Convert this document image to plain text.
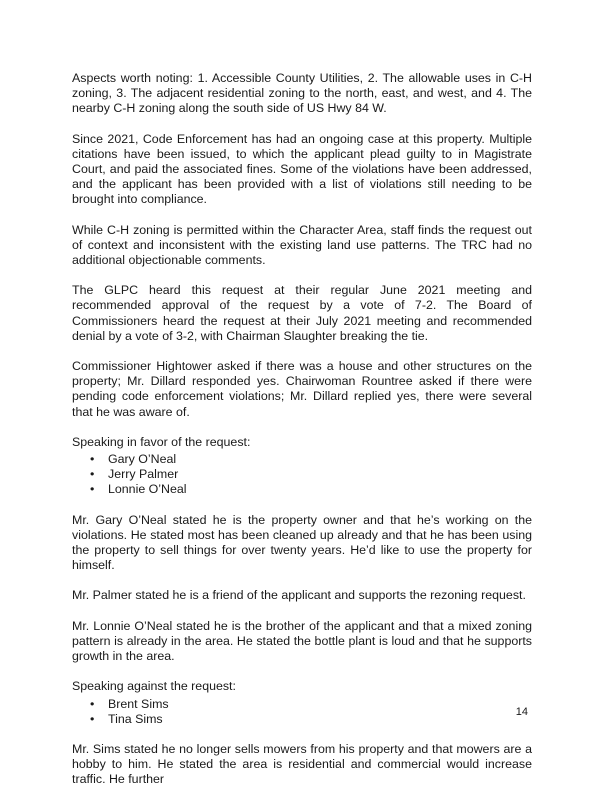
Aspects worth noting: 1. Accessible County Utilities, 2. The allowable uses in C-H zoning, 3. The adjacent residential zoning to the north, east, and west, and 4. The nearby C-H zoning along the south side of US Hwy 84 W.

Since 2021, Code Enforcement has had an ongoing case at this property. Multiple citations have been issued, to which the applicant plead guilty to in Magistrate Court, and paid the associated fines. Some of the violations have been addressed, and the applicant has been provided with a list of violations still needing to be brought into compliance.

While C-H zoning is permitted within the Character Area, staff finds the request out of context and inconsistent with the existing land use patterns. The TRC had no additional objectionable comments.

The GLPC heard this request at their regular June 2021 meeting and recommended approval of the request by a vote of 7-2. The Board of Commissioners heard the request at their July 2021 meeting and recommended denial by a vote of 3-2, with Chairman Slaughter breaking the tie.

Commissioner Hightower asked if there was a house and other structures on the property; Mr. Dillard responded yes. Chairwoman Rountree asked if there were pending code enforcement violations; Mr. Dillard replied yes, there were several that he was aware of.

Speaking in favor of the request:

• Gary O’Neal
• Jerry Palmer
• Lonnie O’Neal

Mr. Gary O’Neal stated he is the property owner and that he’s working on the violations. He stated most has been cleaned up already and that he has been using the property to sell things for over twenty years. He’d like to use the property for himself.

Mr. Palmer stated he is a friend of the applicant and supports the rezoning request.

Mr. Lonnie O’Neal stated he is the brother of the applicant and that a mixed zoning pattern is already in the area. He stated the bottle plant is loud and that he supports growth in the area.

Speaking against the request:

• Brent Sims
• Tina Sims

Mr. Sims stated he no longer sells mowers from his property and that mowers are a hobby to him. He stated the area is residential and commercial would increase traffic. He further

14
